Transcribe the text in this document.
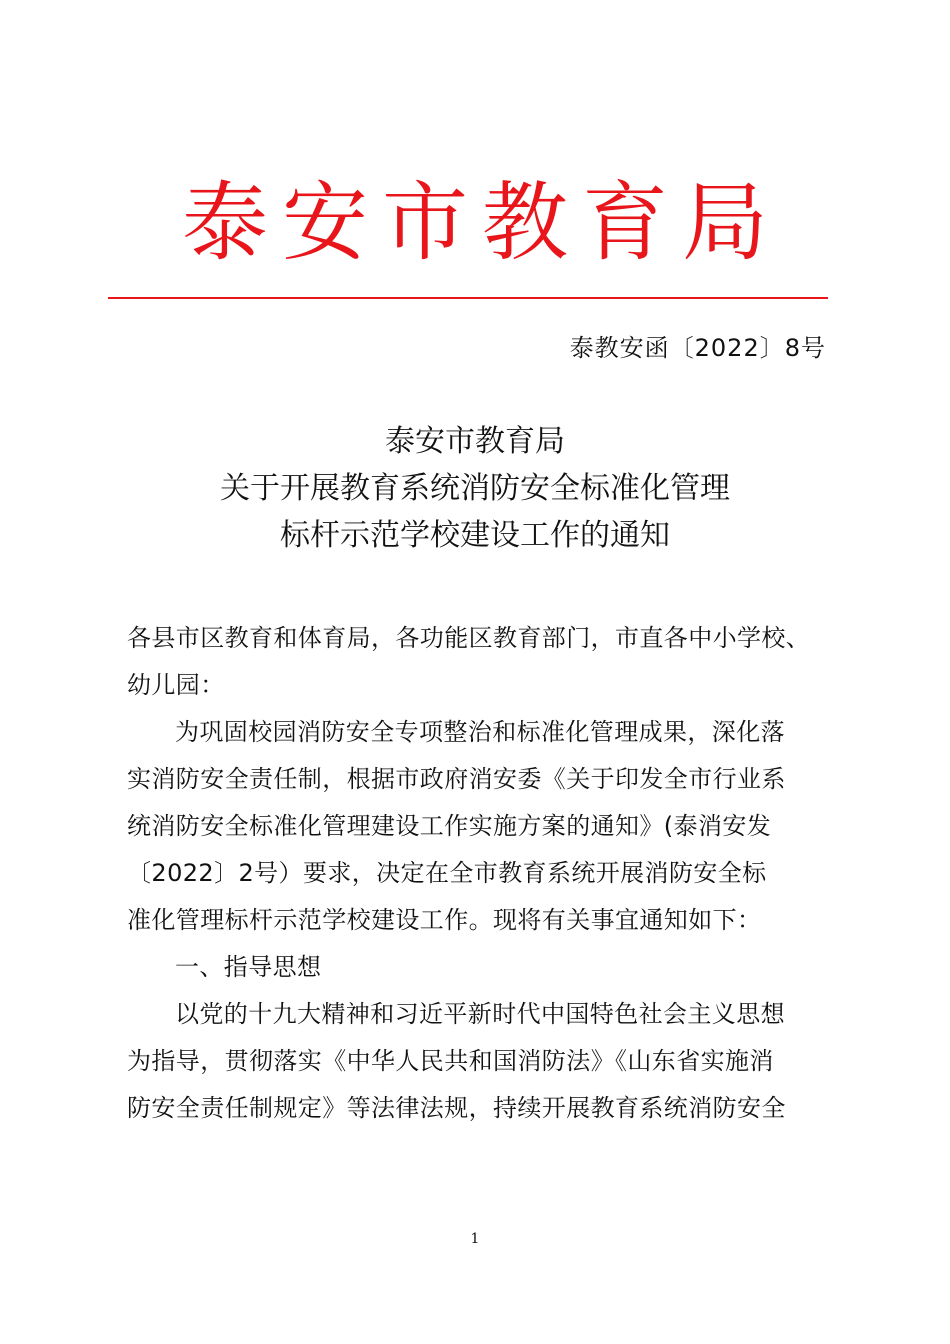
泰安市教育局
泰教安函〔2022〕8号
泰安市教育局
关于开展教育系统消防安全标准化管理
标杆示范学校建设工作的通知
各县市区教育和体育局，各功能区教育部门，市直各中小学校、
幼儿园：
为巩固校园消防安全专项整治和标准化管理成果，深化落
实消防安全责任制，根据市政府消安委《关于印发全市行业系
统消防安全标准化管理建设工作实施方案的通知》(泰消安发
〔2022〕2号）要求，决定在全市教育系统开展消防安全标
准化管理标杆示范学校建设工作。现将有关事宜通知如下：
一、指导思想
以党的十九大精神和习近平新时代中国特色社会主义思想
为指导，贯彻落实《中华人民共和国消防法》《山东省实施消
防安全责任制规定》等法律法规，持续开展教育系统消防安全
1
